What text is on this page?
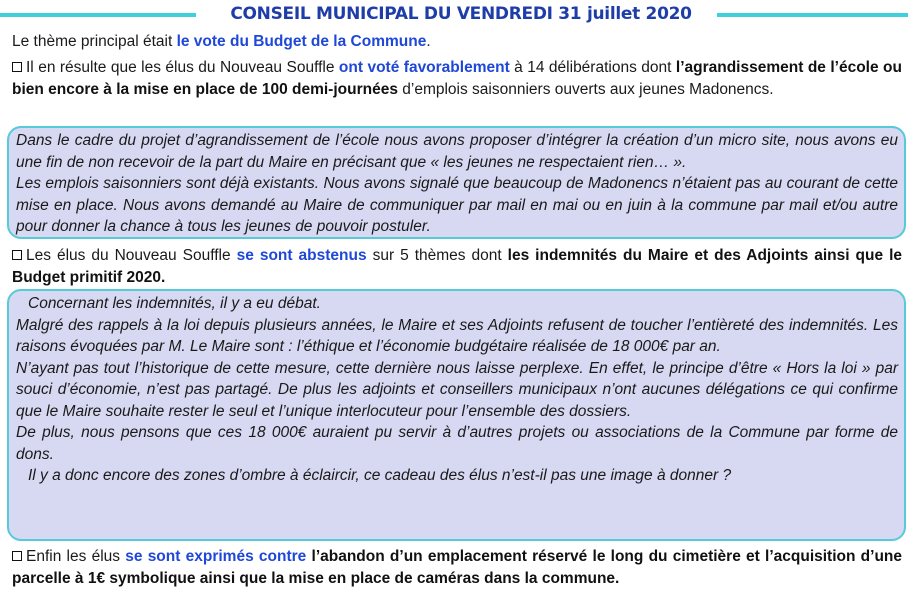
CONSEIL MUNICIPAL DU VENDREDI 31 juillet 2020
Le thème principal était le vote du Budget de la Commune.
Il en résulte que les élus du Nouveau Souffle ont voté favorablement à 14 délibérations dont l’agrandissement de l’école ou bien encore à la mise en place de 100 demi-journées d’emplois saisonniers ouverts aux jeunes Madonencs.

Dans le cadre du projet d’agrandissement de l’école nous avons proposer d’intégrer la création d’un micro site, nous avons eu une fin de non recevoir de la part du Maire en précisant que « les jeunes ne respectaient rien… ».

Les emplois saisonniers sont déjà existants. Nous avons signalé que beaucoup de Madonencs n’étaient pas au courant de cette mise en place. Nous avons demandé au Maire de communiquer par mail en mai ou en juin à la commune par mail et/ou autre pour donner la chance à tous les jeunes de pouvoir postuler.

Les élus du Nouveau Souffle se sont abstenus sur 5 thèmes dont les indemnités du Maire et des Adjoints ainsi que le Budget primitif 2020.

Concernant les indemnités, il y a eu débat.

Malgré des rappels à la loi depuis plusieurs années, le Maire et ses Adjoints refusent de toucher l’entièreté des indemnités. Les raisons évoquées par M. Le Maire sont : l’éthique et l’économie budgétaire réalisée de 18 000€ par an.

N’ayant pas tout l’historique de cette mesure, cette dernière nous laisse perplexe. En effet, le principe d’être « Hors la loi » par souci d’économie, n’est pas partagé. De plus les adjoints et conseillers municipaux n’ont aucunes délégations ce qui confirme que le Maire souhaite rester le seul et l’unique interlocuteur pour l’ensemble des dossiers.

De plus, nous pensons que ces 18 000€ auraient pu servir à d’autres projets ou associations de la Commune par forme de dons.

Il y a donc encore des zones d’ombre à éclaircir, ce cadeau des élus n’est-il pas une image à donner ?

Enfin les élus se sont exprimés contre l’abandon d’un emplacement réservé le long du cimetière et l’acquisition d’une parcelle à 1€ symbolique ainsi que la mise en place de caméras dans la commune.
